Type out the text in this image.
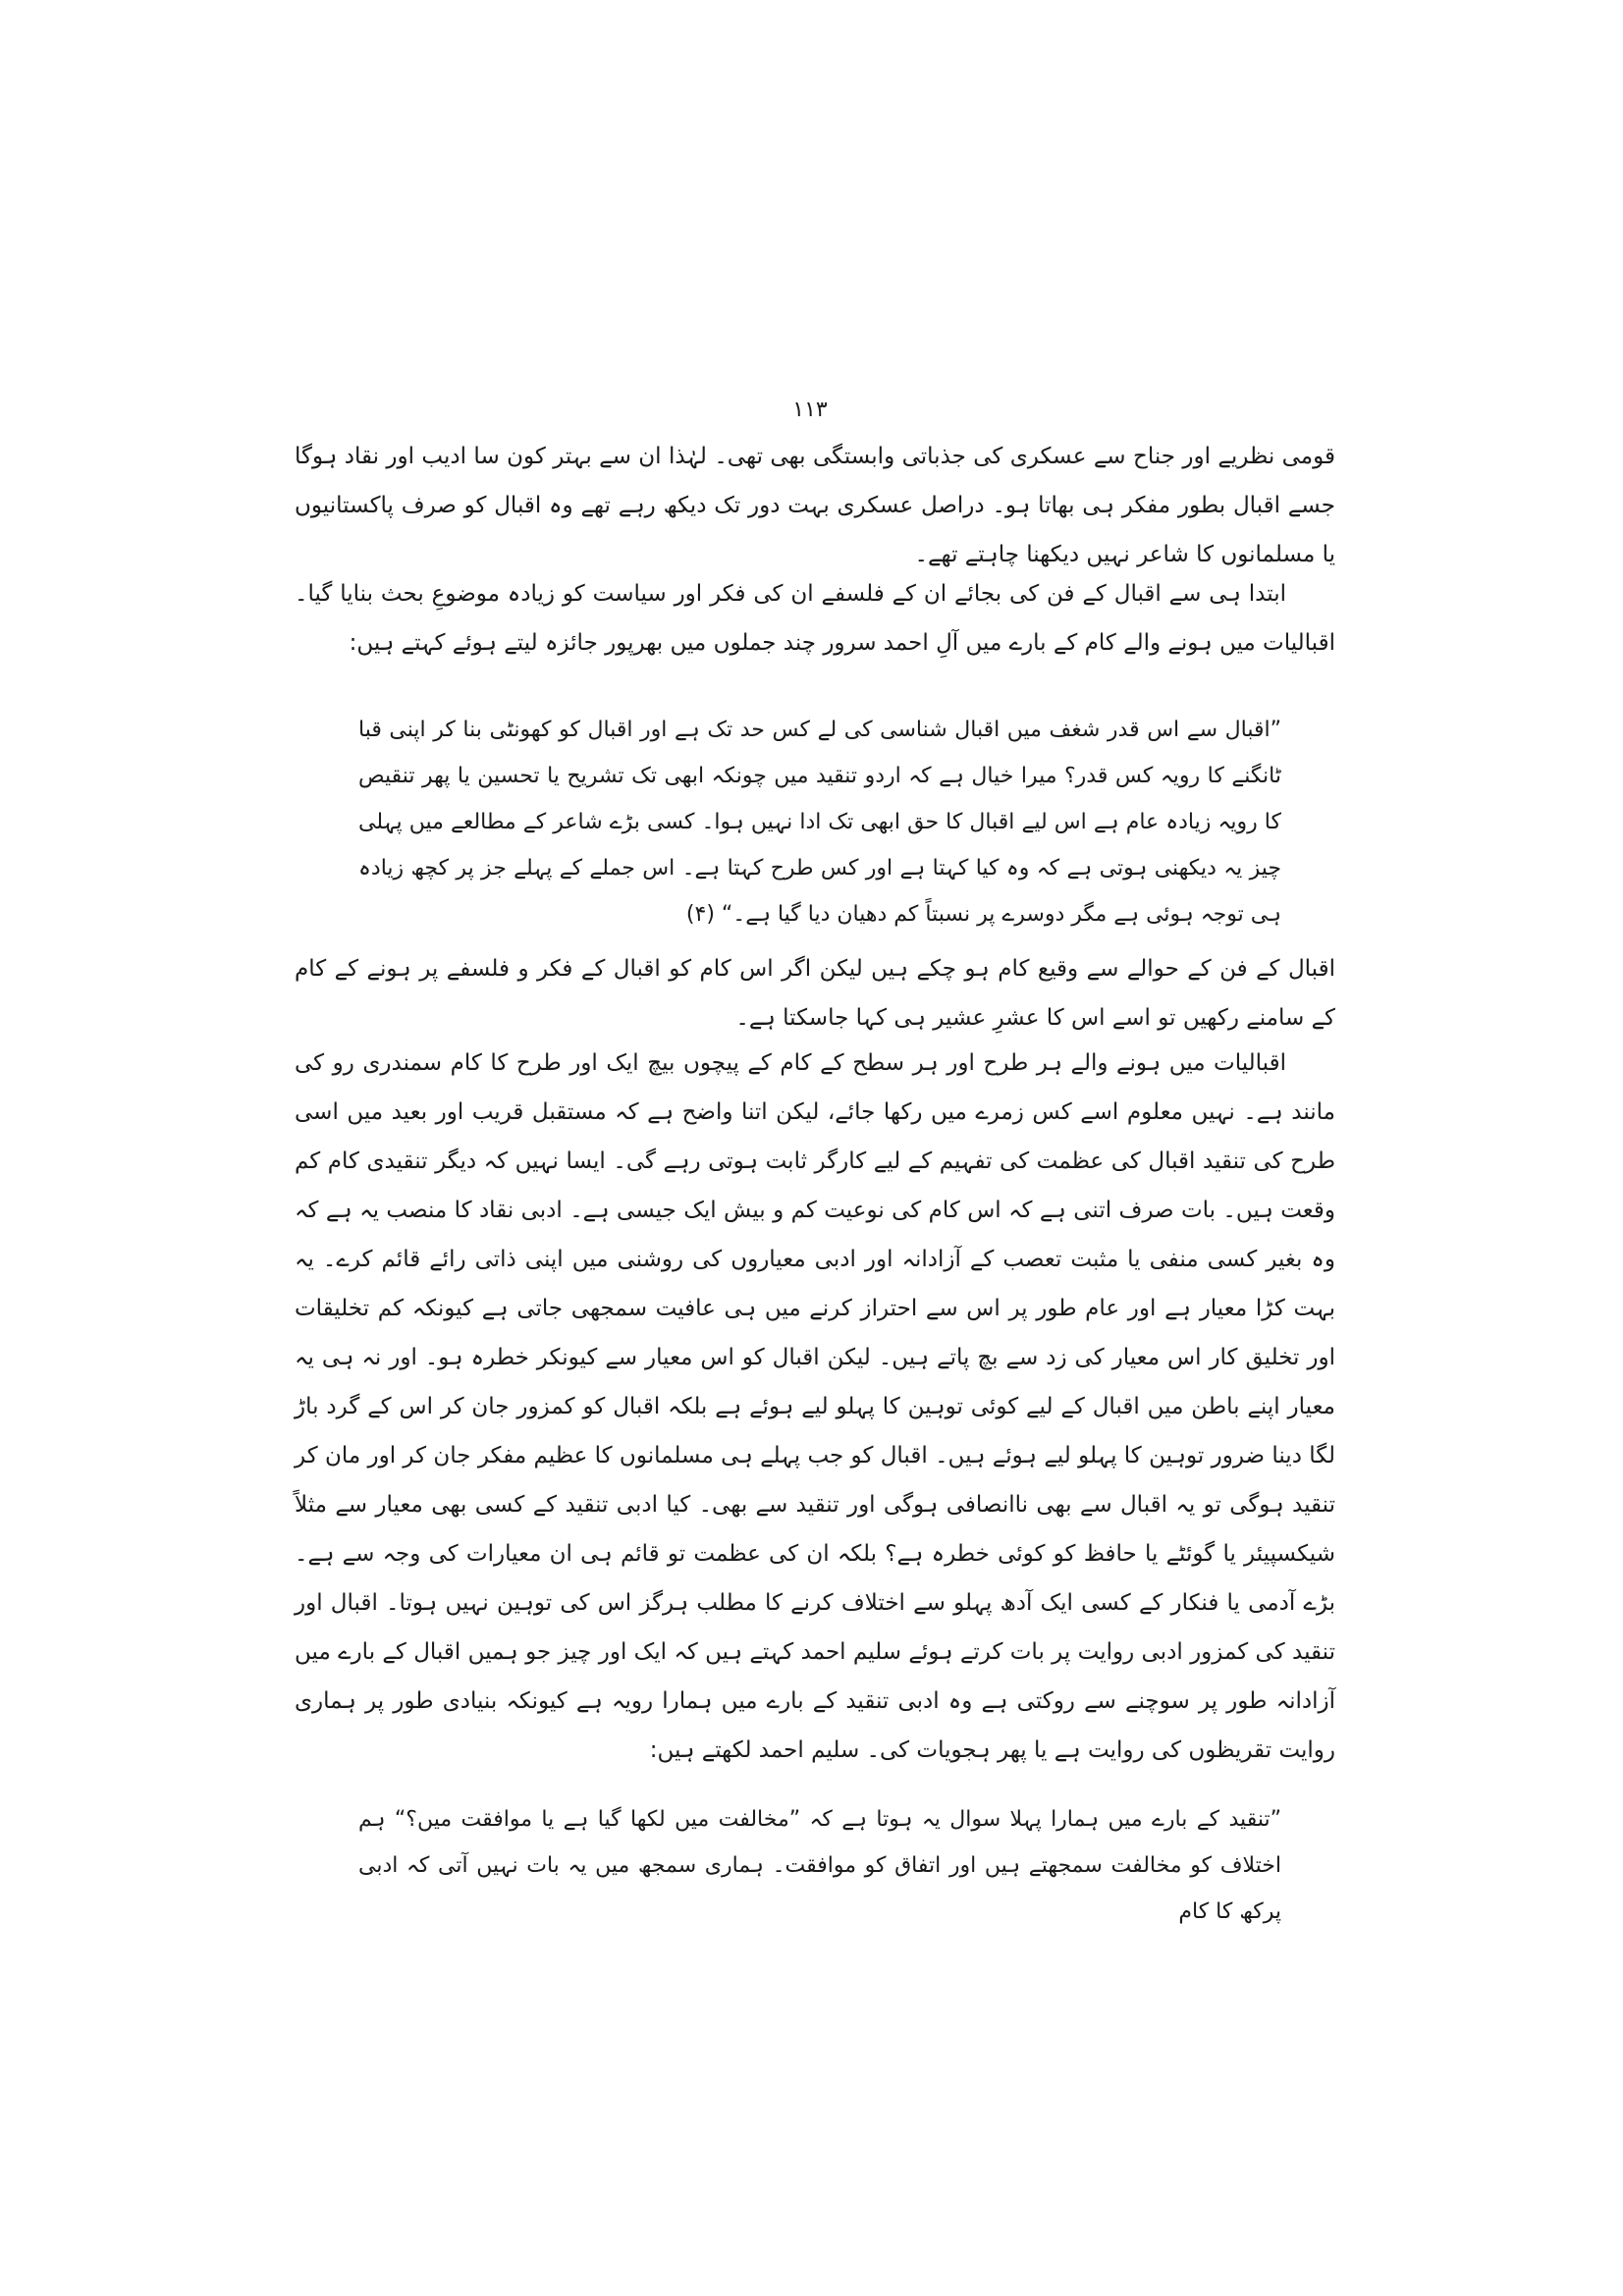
۱۱۳

قومی نظریے اور جناح سے عسکری کی جذباتی وابستگی بھی تھی۔ لہٰذا ان سے بہتر کون سا ادیب اور نقاد ہوگا جسے اقبال بطور مفکر ہی بھاتا ہو۔ دراصل عسکری بہت دور تک دیکھ رہے تھے وہ اقبال کو صرف پاکستانیوں یا مسلمانوں کا شاعر نہیں دیکھنا چاہتے تھے۔

ابتدا ہی سے اقبال کے فن کی بجائے ان کے فلسفے ان کی فکر اور سیاست کو زیادہ موضوعِ بحث بنایا گیا۔ اقبالیات میں ہونے والے کام کے بارے میں آلِ احمد سرور چند جملوں میں بھرپور جائزہ لیتے ہوئے کہتے ہیں:

”اقبال سے اس قدر شغف میں اقبال شناسی کی لے کس حد تک ہے اور اقبال کو کھونٹی بنا کر اپنی قبا ٹانگنے کا رویہ کس قدر؟ میرا خیال ہے کہ اردو تنقید میں چونکہ ابھی تک تشریح یا تحسین یا پھر تنقیص کا رویہ زیادہ عام ہے اس لیے اقبال کا حق ابھی تک ادا نہیں ہوا۔ کسی بڑے شاعر کے مطالعے میں پہلی چیز یہ دیکھنی ہوتی ہے کہ وہ کیا کہتا ہے اور کس طرح کہتا ہے۔ اس جملے کے پہلے جز پر کچھ زیادہ ہی توجہ ہوئی ہے مگر دوسرے پر نسبتاً کم دھیان دیا گیا ہے۔“ (۴)

اقبال کے فن کے حوالے سے وقیع کام ہو چکے ہیں لیکن اگر اس کام کو اقبال کے فکر و فلسفے پر ہونے کے کام کے سامنے رکھیں تو اسے اس کا عشرِ عشیر ہی کہا جاسکتا ہے۔

اقبالیات میں ہونے والے ہر طرح اور ہر سطح کے کام کے پیچوں بیچ ایک اور طرح کا کام سمندری رو کی مانند ہے۔ نہیں معلوم اسے کس زمرے میں رکھا جائے، لیکن اتنا واضح ہے کہ مستقبل قریب اور بعید میں اسی طرح کی تنقید اقبال کی عظمت کی تفہیم کے لیے کارگر ثابت ہوتی رہے گی۔ ایسا نہیں کہ دیگر تنقیدی کام کم وقعت ہیں۔ بات صرف اتنی ہے کہ اس کام کی نوعیت کم و بیش ایک جیسی ہے۔ ادبی نقاد کا منصب یہ ہے کہ وہ بغیر کسی منفی یا مثبت تعصب کے آزادانہ اور ادبی معیاروں کی روشنی میں اپنی ذاتی رائے قائم کرے۔ یہ بہت کڑا معیار ہے اور عام طور پر اس سے احتراز کرنے میں ہی عافیت سمجھی جاتی ہے کیونکہ کم تخلیقات اور تخلیق کار اس معیار کی زد سے بچ پاتے ہیں۔ لیکن اقبال کو اس معیار سے کیونکر خطرہ ہو۔ اور نہ ہی یہ معیار اپنے باطن میں اقبال کے لیے کوئی توہین کا پہلو لیے ہوئے ہے بلکہ اقبال کو کمزور جان کر اس کے گرد باڑ لگا دینا ضرور توہین کا پہلو لیے ہوئے ہیں۔ اقبال کو جب پہلے ہی مسلمانوں کا عظیم مفکر جان کر اور مان کر تنقید ہوگی تو یہ اقبال سے بھی ناانصافی ہوگی اور تنقید سے بھی۔ کیا ادبی تنقید کے کسی بھی معیار سے مثلاً شیکسپیئر یا گوئٹے یا حافظ کو کوئی خطرہ ہے؟ بلکہ ان کی عظمت تو قائم ہی ان معیارات کی وجہ سے ہے۔ بڑے آدمی یا فنکار کے کسی ایک آدھ پہلو سے اختلاف کرنے کا مطلب ہرگز اس کی توہین نہیں ہوتا۔ اقبال اور تنقید کی کمزور ادبی روایت پر بات کرتے ہوئے سلیم احمد کہتے ہیں کہ ایک اور چیز جو ہمیں اقبال کے بارے میں آزادانہ طور پر سوچنے سے روکتی ہے وہ ادبی تنقید کے بارے میں ہمارا رویہ ہے کیونکہ بنیادی طور پر ہماری روایت تقریظوں کی روایت ہے یا پھر ہجویات کی۔ سلیم احمد لکھتے ہیں:

”تنقید کے بارے میں ہمارا پہلا سوال یہ ہوتا ہے کہ ”مخالفت میں لکھا گیا ہے یا موافقت میں؟“ ہم اختلاف کو مخالفت سمجھتے ہیں اور اتفاق کو موافقت۔ ہماری سمجھ میں یہ بات نہیں آتی کہ ادبی پرکھ کا کام
